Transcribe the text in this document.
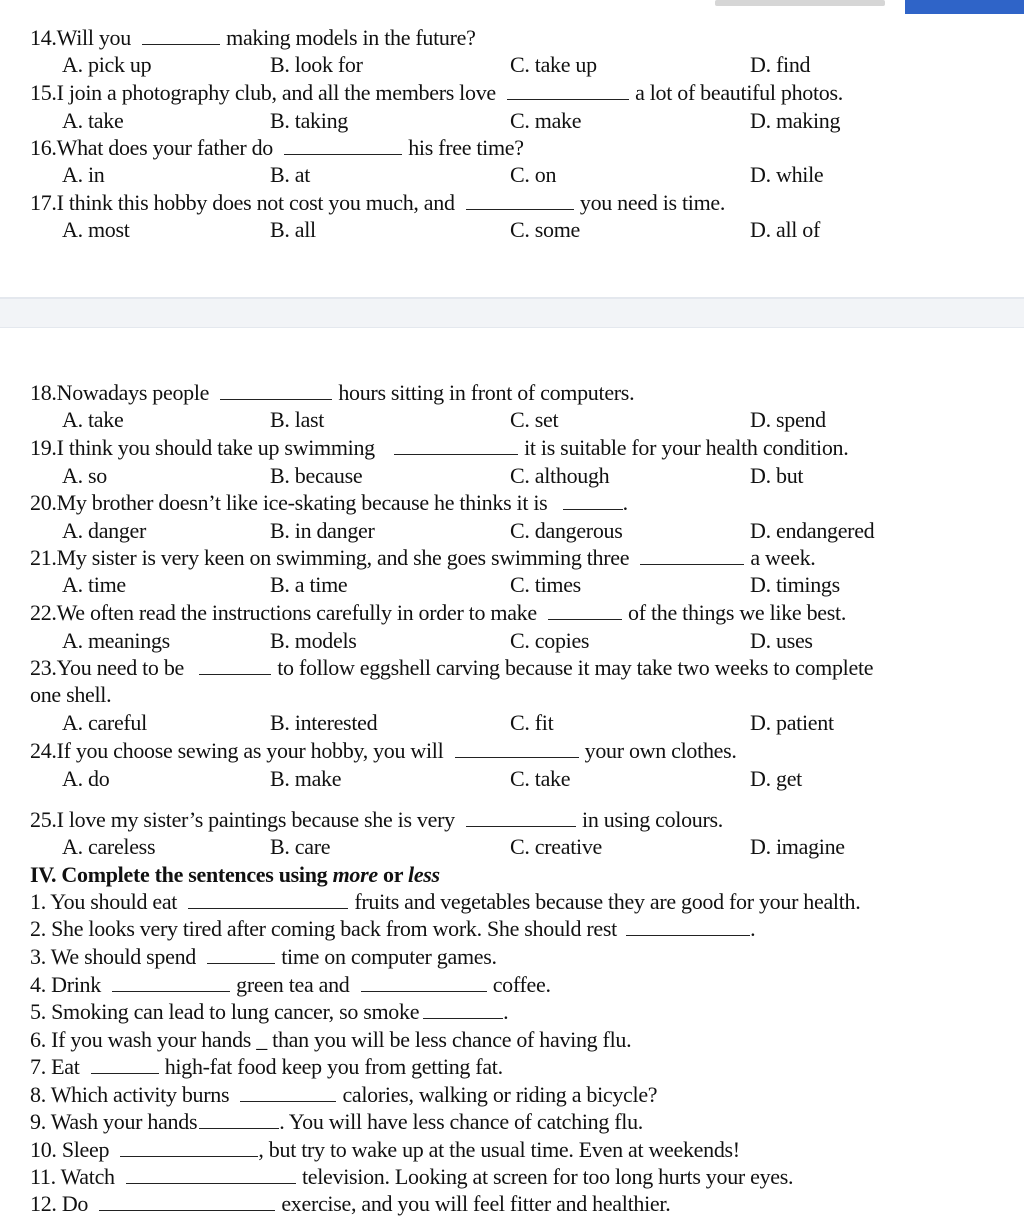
14.Will you	making models in the future?
A. pick up	B. look for	C. take up	D. find
15.I join a photography club, and all the members love	a lot of beautiful photos.
A. take	B. taking	C. make	D. making
16.What does your father do	his free time?
A. in	B. at	C. on	D. while
17.I think this hobby does not cost you much, and	you need is time.
A. most	B. all	C. some	D. all of
18.Nowadays people	hours sitting in front of computers.
A. take	B. last	C. set	D. spend
19.I think you should take up swimming	it is suitable for your health condition.
A. so	B. because	C. although	D. but
20.My brother doesn’t like ice-skating because he thinks it is	.
A. danger	B. in danger	C. dangerous	D. endangered
21.My sister is very keen on swimming, and she goes swimming three	a week.
A. time	B. a time	C. times	D. timings
22.We often read the instructions carefully in order to make	of the things we like best.
A. meanings	B. models	C. copies	D. uses
23.You need to be	to follow eggshell carving because it may take two weeks to complete
one shell.
A. careful	B. interested	C. fit	D. patient
24.If you choose sewing as your hobby, you will	your own clothes.
A. do	B. make	C. take	D. get
25.I love my sister’s paintings because she is very	in using colours.
A. careless	B. care	C. creative	D. imagine
IV. Complete the sentences using more or less
1. You should eat	fruits and vegetables because they are good for your health.
2. She looks very tired after coming back from work. She should rest	.
3. We should spend	time on computer games.
4. Drink	green tea and	coffee.
5. Smoking can lead to lung cancer, so smoke	.
6. If you wash your hands _ than you will be less chance of having flu.
7. Eat	high-fat food keep you from getting fat.
8. Which activity burns	calories, walking or riding a bicycle?
9. Wash your hands	. You will have less chance of catching flu.
10. Sleep	, but try to wake up at the usual time. Even at weekends!
11. Watch	television. Looking at screen for too long hurts your eyes.
12. Do	exercise, and you will feel fitter and healthier.
